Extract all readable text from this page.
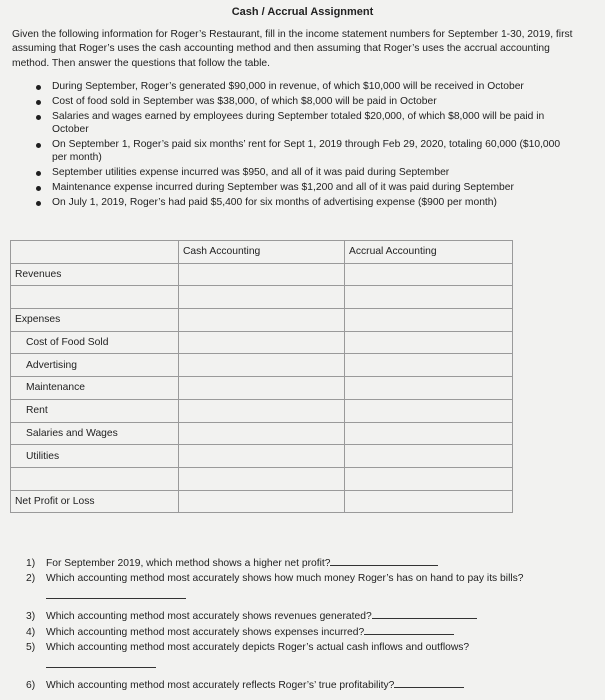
Cash / Accrual Assignment

Given the following information for Roger’s Restaurant, fill in the income statement numbers for September 1-30, 2019, first assuming that Roger’s uses the cash accounting method and then assuming that Roger’s uses the accrual accounting method. Then answer the questions that follow the table.

During September, Roger’s generated $90,000 in revenue, of which $10,000 will be received in October
Cost of food sold in September was $38,000, of which $8,000 will be paid in October
Salaries and wages earned by employees during September totaled $20,000, of which $8,000 will be paid in October
On September 1, Roger’s paid six months’ rent for Sept 1, 2019 through Feb 29, 2020, totaling 60,000 ($10,000 per month)
September utilities expense incurred was $950, and all of it was paid during September
Maintenance expense incurred during September was $1,200 and all of it was paid during September
On July 1, 2019, Roger’s had paid $5,400 for six months of advertising expense ($900 per month)
	Cash Accounting	Accrual Accounting
Revenues		

Expenses		
Cost of Food Sold		
Advertising		
Maintenance		
Rent		
Salaries and Wages		
Utilities		

Net Profit or Loss		
1) For September 2019, which method shows a higher net profit?
2) Which accounting method most accurately shows how much money Roger’s has on hand to pay its bills?
3) Which accounting method most accurately shows revenues generated?
4) Which accounting method most accurately shows expenses incurred?
5) Which accounting method most accurately depicts Roger’s actual cash inflows and outflows?
6) Which accounting method most accurately reflects Roger’s’ true profitability?
